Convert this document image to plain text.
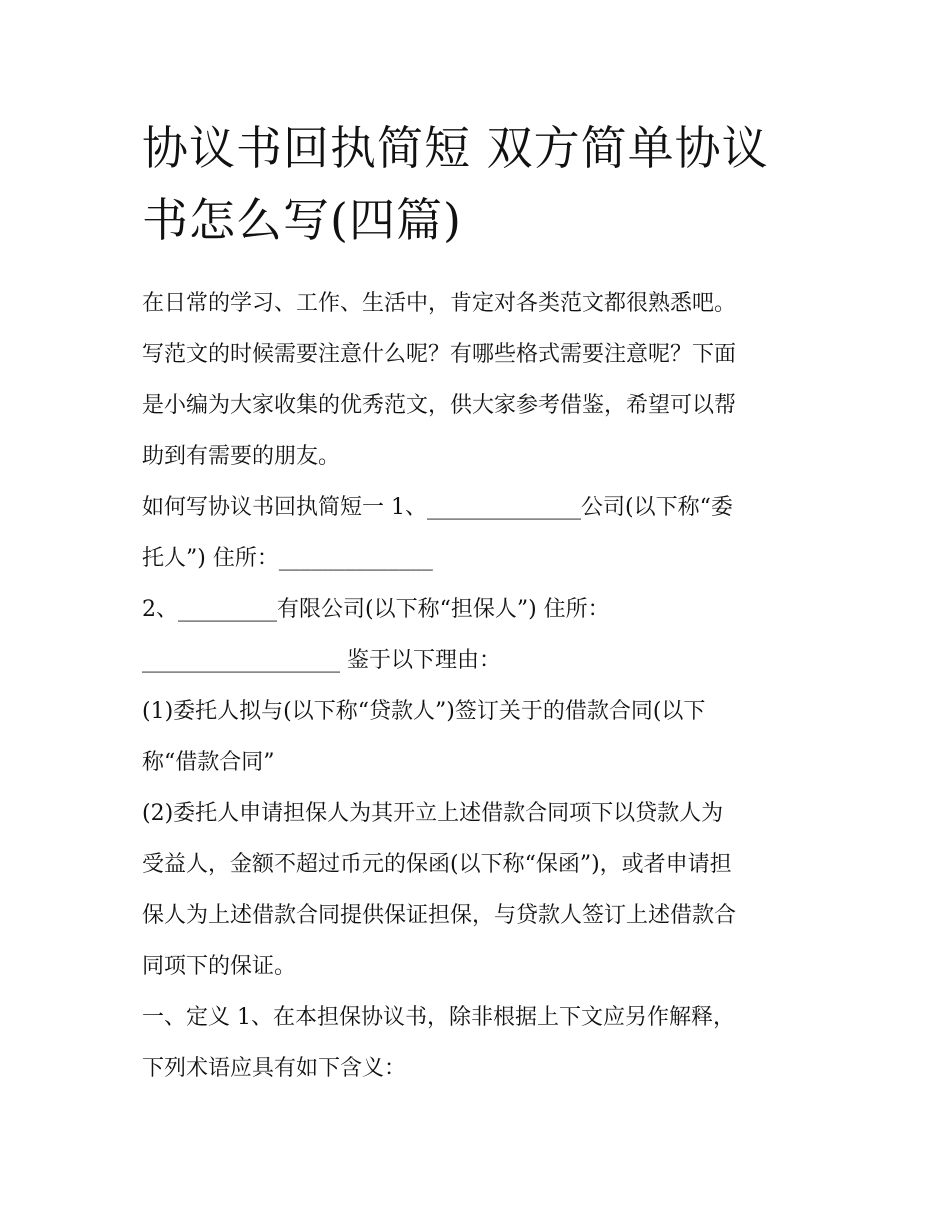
协议书回执简短 双方简单协议
书怎么写(四篇)
在日常的学习、工作、生活中，肯定对各类范文都很熟悉吧。
写范文的时候需要注意什么呢？有哪些格式需要注意呢？下面
是小编为大家收集的优秀范文，供大家参考借鉴，希望可以帮
助到有需要的朋友。
如何写协议书回执简短一 1、______________公司(以下称“委
托人”) 住所：______________
2、_________有限公司(以下称“担保人”) 住所：
__________________ 鉴于以下理由：
(1)委托人拟与(以下称“贷款人”)签订关于的借款合同(以下
称“借款合同”
(2)委托人申请担保人为其开立上述借款合同项下以贷款人为
受益人，金额不超过币元的保函(以下称“保函”)，或者申请担
保人为上述借款合同提供保证担保，与贷款人签订上述借款合
同项下的保证。
一、定义 1、在本担保协议书，除非根据上下文应另作解释，
下列术语应具有如下含义：
